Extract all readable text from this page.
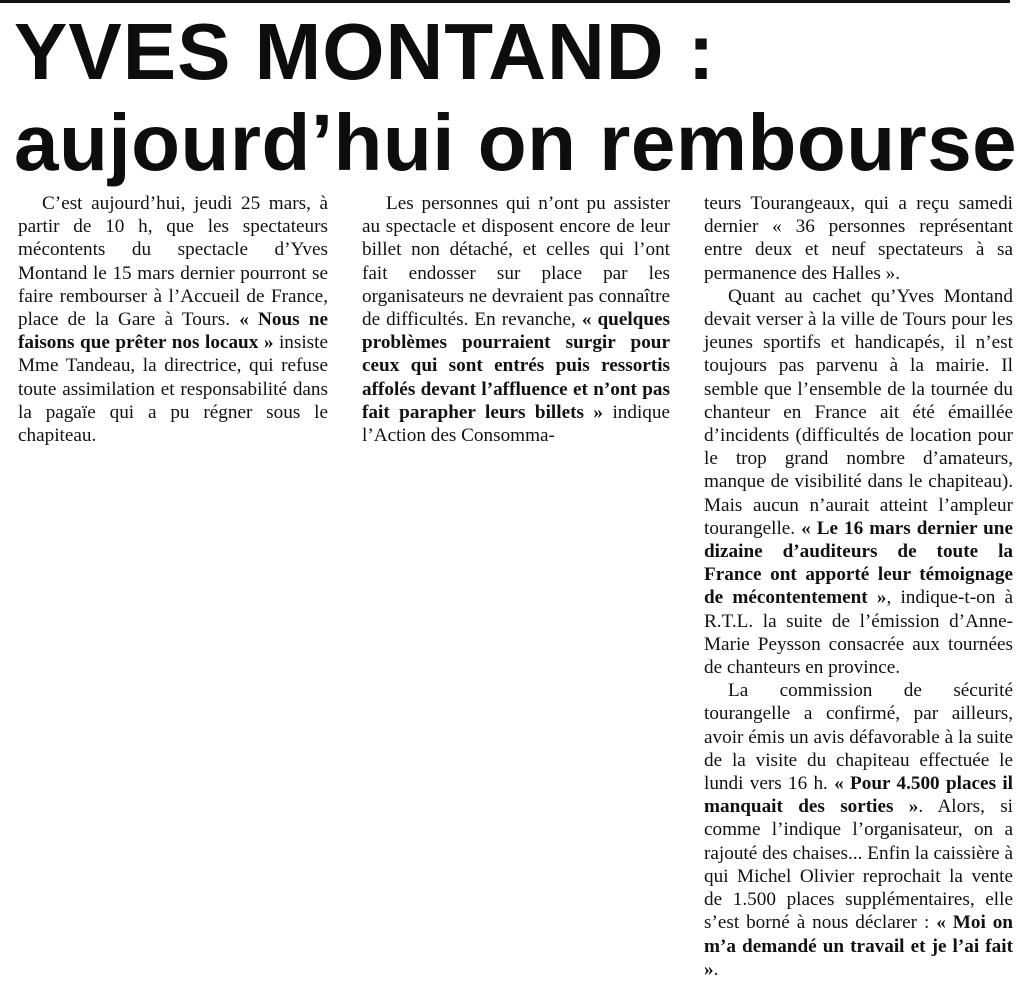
YVES MONTAND :
aujourd’hui on rembourse

C’est aujourd’hui, jeudi 25 mars, à partir de 10 h, que les spectateurs mécontents du spectacle d’Yves Montand le 15 mars dernier pourront se faire rembourser à l’Accueil de France, place de la Gare à Tours. « Nous ne faisons que prêter nos locaux » insiste Mme Tandeau, la directrice, qui refuse toute assimilation et responsabilité dans la pagaïe qui a pu régner sous le chapiteau.

Les personnes qui n’ont pu assister au spectacle et disposent encore de leur billet non détaché, et celles qui l’ont fait endosser sur place par les organisateurs ne devraient pas connaître de difficultés. En revanche, « quelques problèmes pourraient surgir pour ceux qui sont entrés puis ressortis affolés devant l’affluence et n’ont pas fait parapher leurs billets » indique l’Action des Consomma-

teurs Tourangeaux, qui a reçu samedi dernier « 36 personnes représentant entre deux et neuf spectateurs à sa permanence des Halles ».

Quant au cachet qu’Yves Montand devait verser à la ville de Tours pour les jeunes sportifs et handicapés, il n’est toujours pas parvenu à la mairie. Il semble que l’ensemble de la tournée du chanteur en France ait été émaillée d’incidents (difficultés de location pour le trop grand nombre d’amateurs, manque de visibilité dans le chapiteau). Mais aucun n’aurait atteint l’ampleur tourangelle. « Le 16 mars dernier une dizaine d’auditeurs de toute la France ont apporté leur témoignage de mécontentement », indique-t-on à R.T.L. la suite de l’émission d’Anne-Marie Peysson consacrée aux tournées de chanteurs en province.

La commission de sécurité tourangelle a confirmé, par ailleurs, avoir émis un avis défavorable à la suite de la visite du chapiteau effectuée le lundi vers 16 h. « Pour 4.500 places il manquait des sorties ». Alors, si comme l’indique l’organisateur, on a rajouté des chaises... Enfin la caissière à qui Michel Olivier reprochait la vente de 1.500 places supplémentaires, elle s’est borné à nous déclarer : « Moi on m’a demandé un travail et je l’ai fait ».
